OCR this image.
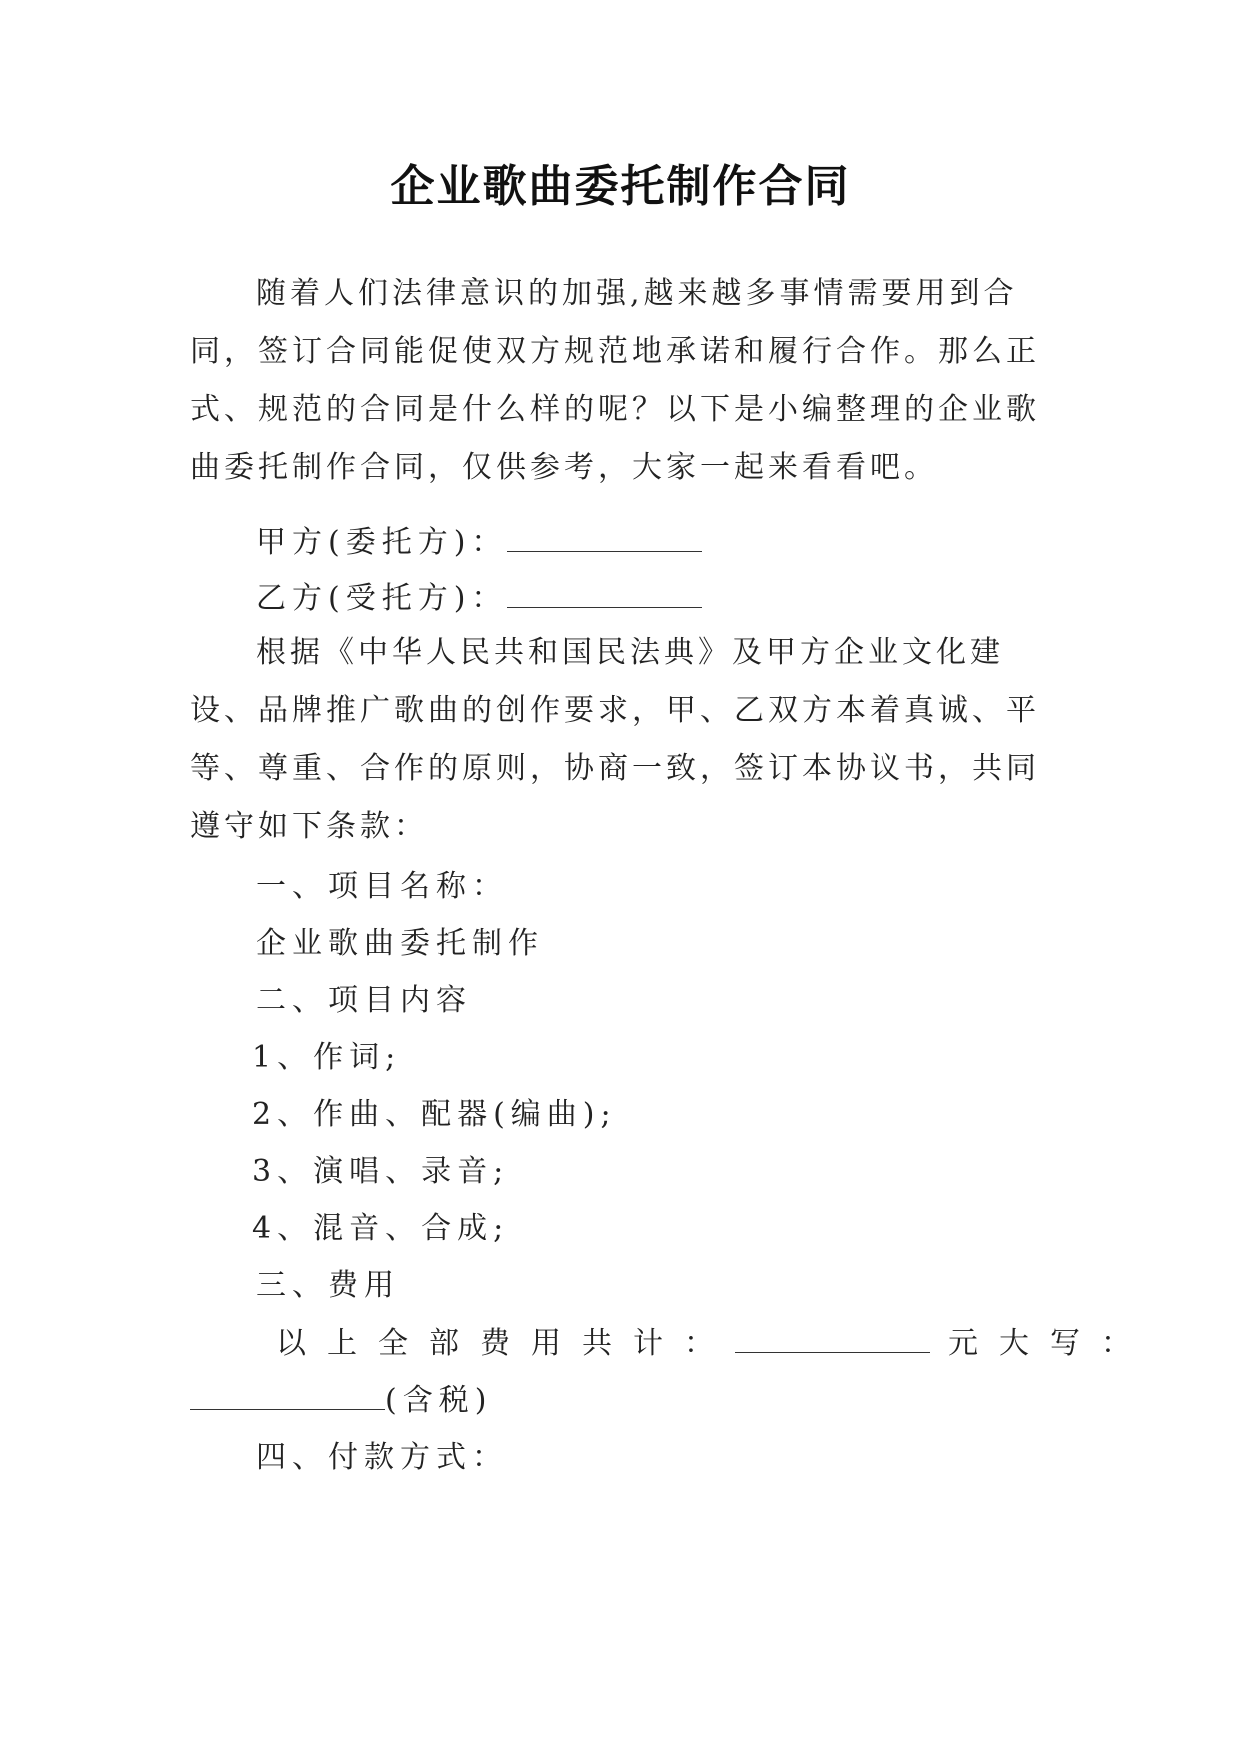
企业歌曲委托制作合同
随着人们法律意识的加强,越来越多事情需要用到合同，签订合同能促使双方规范地承诺和履行合作。那么正式、规范的合同是什么样的呢？以下是小编整理的企业歌曲委托制作合同，仅供参考，大家一起来看看吧。
甲方(委托方)：
乙方(受托方)：
根据《中华人民共和国民法典》及甲方企业文化建设、品牌推广歌曲的创作要求，甲、乙双方本着真诚、平等、尊重、合作的原则，协商一致，签订本协议书，共同遵守如下条款：
一、项目名称：
企业歌曲委托制作
二、项目内容
1、作词;
2、作曲、配器(编曲);
3、演唱、录音;
4、混音、合成;
三、费用
以上全部费用共计：	元大写：
(含税)
四、付款方式：
